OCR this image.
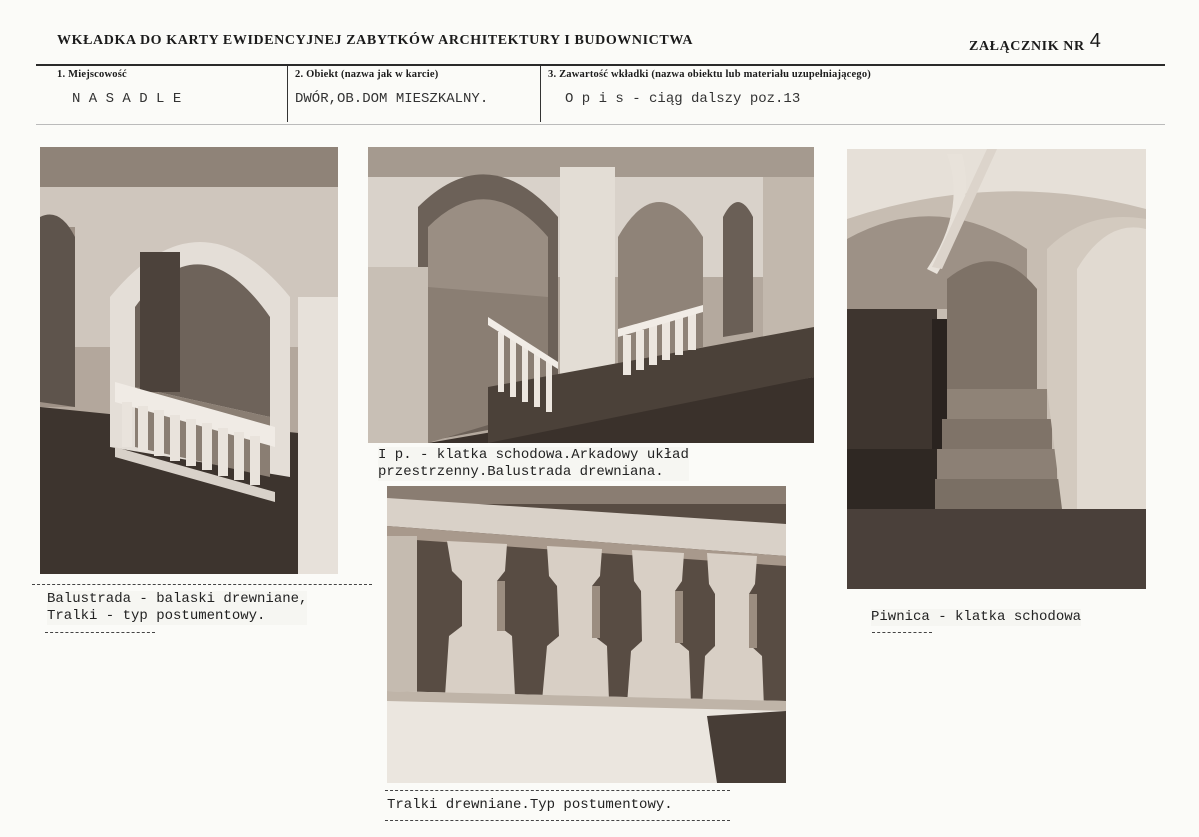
WKŁADKA DO KARTY EWIDENCYJNEJ ZABYTKÓW ARCHITEKTURY I BUDOWNICTWA	ZAŁĄCZNIK NR 4
1. Miejscowość
N A S A D L E
2. Obiekt (nazwa jak w karcie)
DWÓR,OB.DOM MIESZKALNY.
3. Zawartość wkładki (nazwa obiektu lub materiału uzupełniającego)
O p i s - ciąg dalszy poz.13
Balustrada - balaski drewniane,
Tralki - typ postumentowy.
I p. - klatka schodowa.Arkadowy układ
przestrzenny.Balustrada drewniana.
Tralki drewniane.Typ postumentowy.
Piwnica - klatka schodowa
